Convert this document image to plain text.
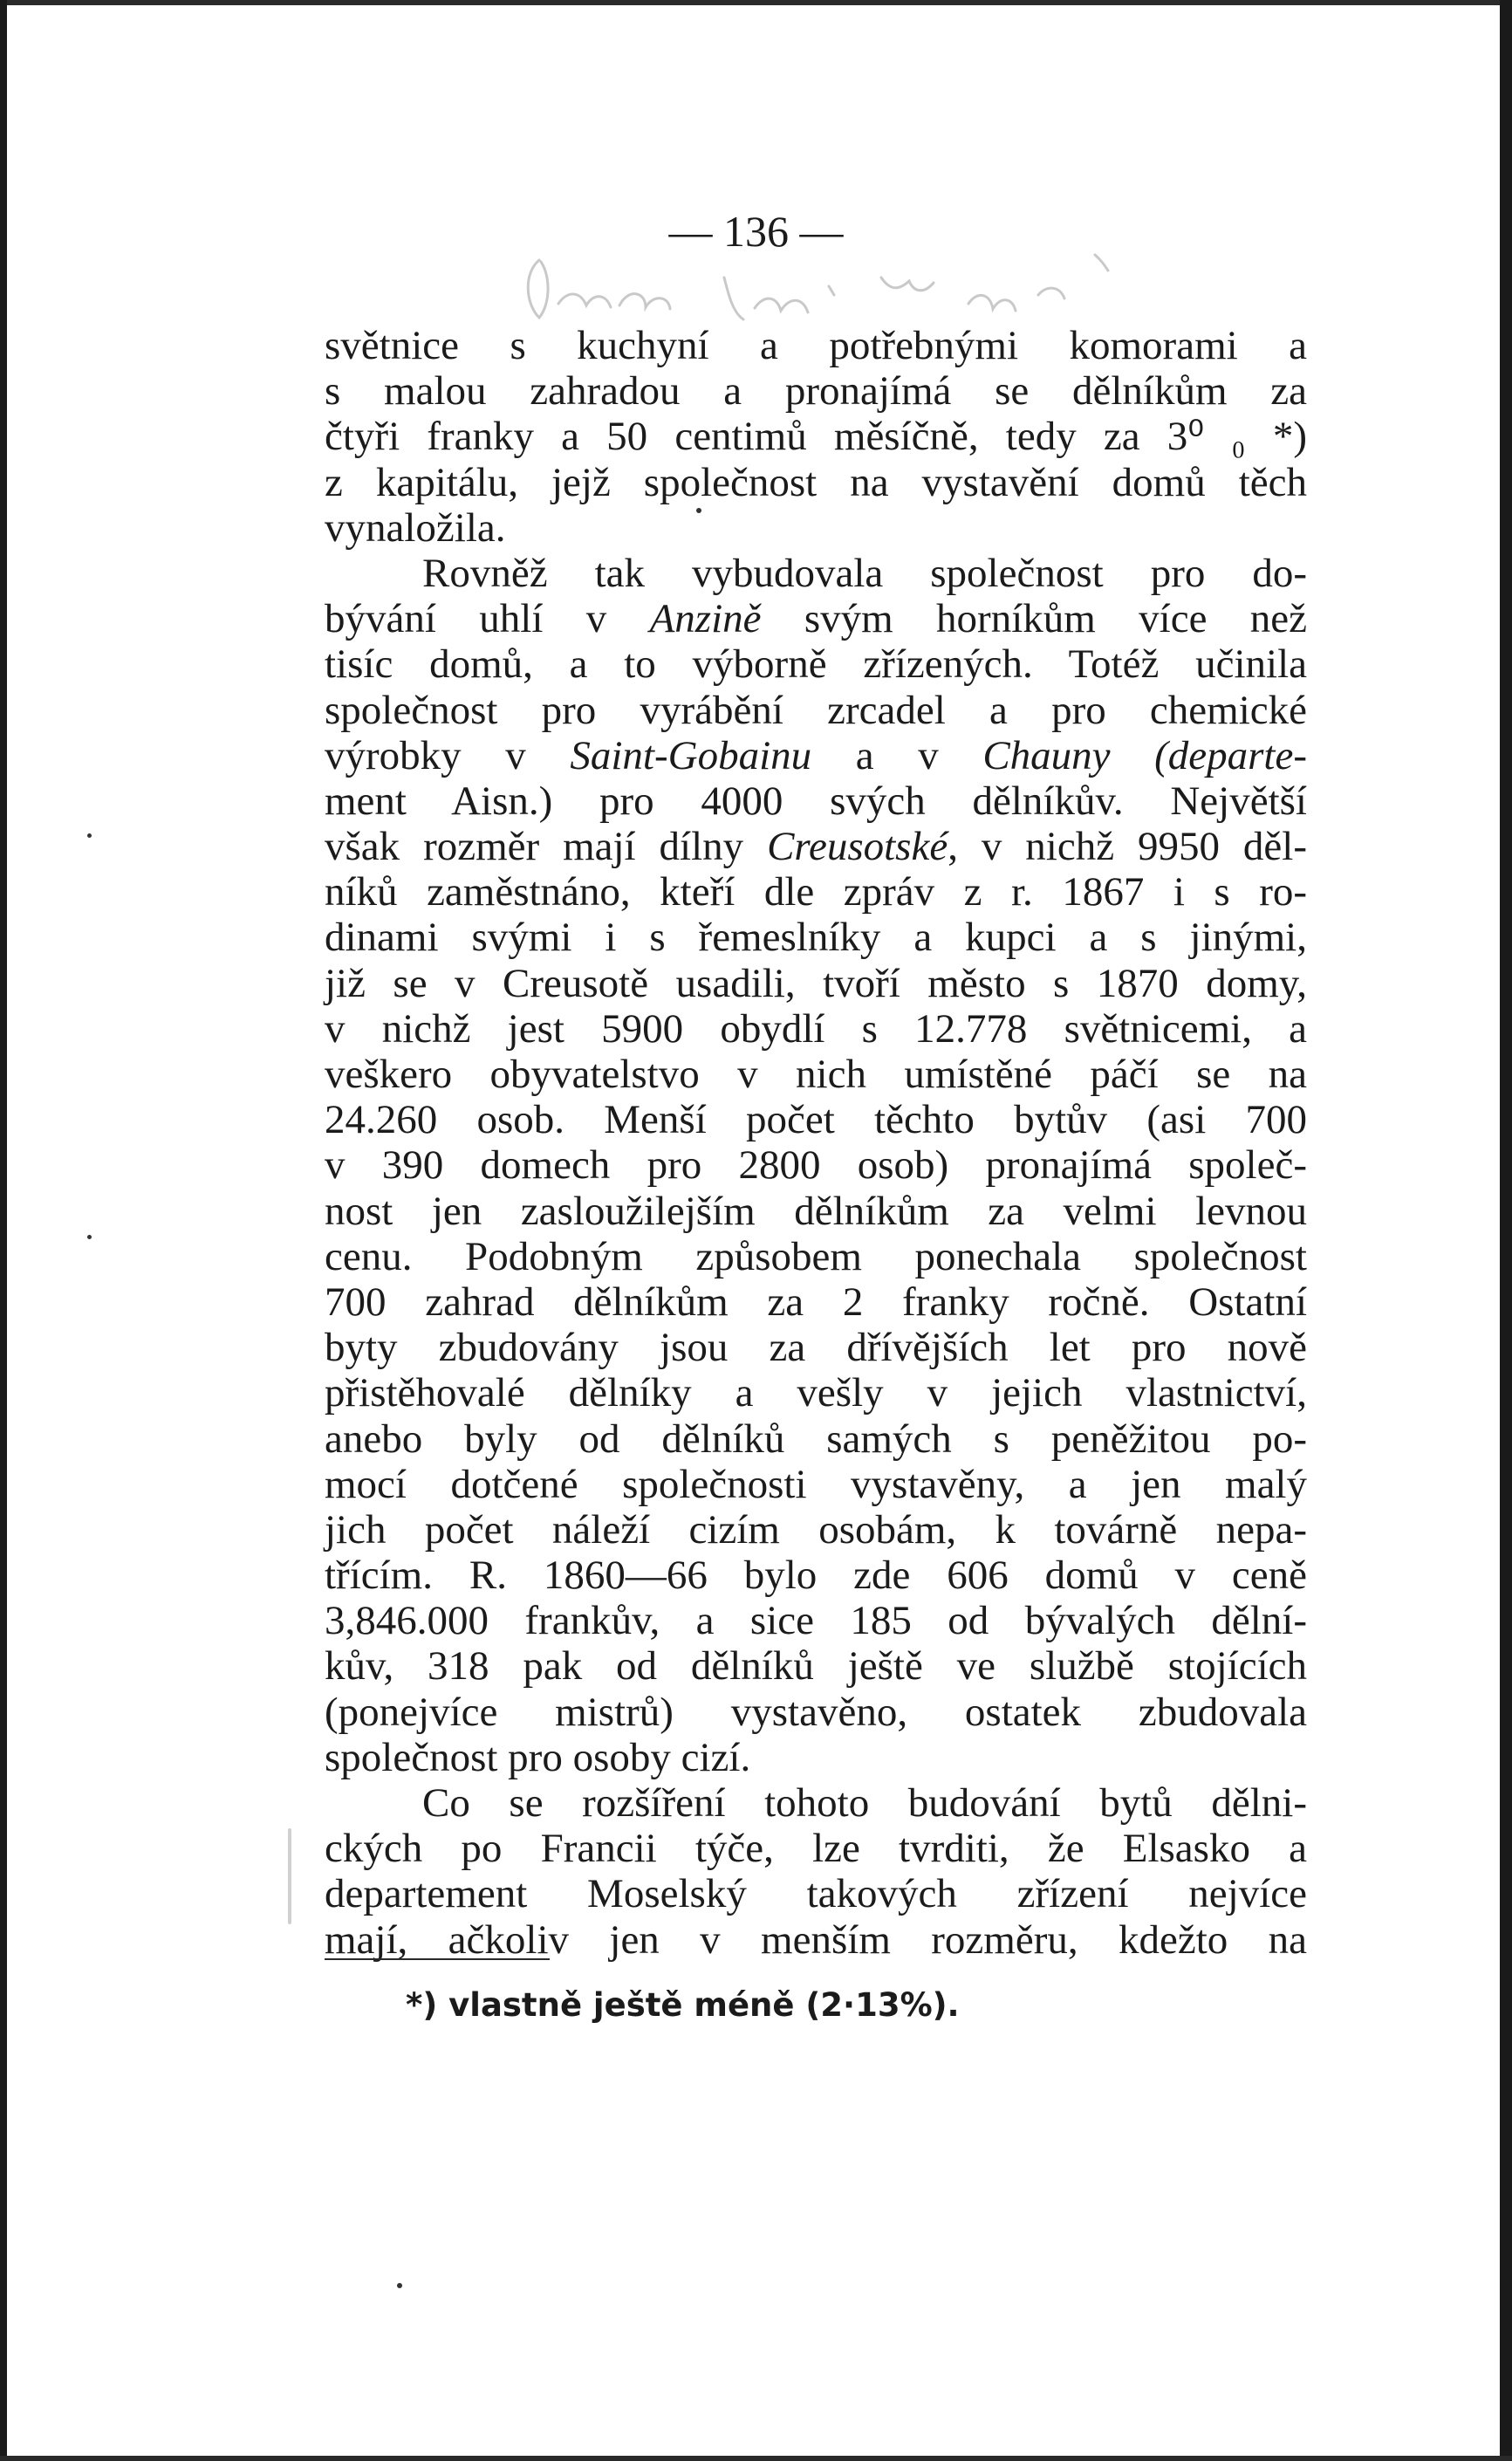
— 136 —
světnice s kuchyní a potřebnými komorami a
s malou zahradou a pronajímá se dělníkům za
čtyři franky a 50 centimů měsíčně, tedy za 3⁰ ₀ *)
z kapitálu, jejž společnost na vystavění domů těch
vynaložila.
Rovněž tak vybudovala společnost pro do-
bývání uhlí v Anzině svým horníkům více než
tisíc domů, a to výborně zřízených. Totéž učinila
společnost pro vyrábění zrcadel a pro chemické
výrobky v Saint-Gobainu a v Chauny (departe-
ment Aisn.) pro 4000 svých dělníkův. Největší
však rozměr mají dílny Creusotské, v nichž 9950 děl-
níků zaměstnáno, kteří dle zpráv z r. 1867 i s ro-
dinami svými i s řemeslníky a kupci a s jinými,
již se v Creusotě usadili, tvoří město s 1870 domy,
v nichž jest 5900 obydlí s 12.778 světnicemi, a
veškero obyvatelstvo v nich umístěné páčí se na
24.260 osob. Menší počet těchto bytův (asi 700
v 390 domech pro 2800 osob) pronajímá společ-
nost jen zasloužilejším dělníkům za velmi levnou
cenu. Podobným způsobem ponechala společnost
700 zahrad dělníkům za 2 franky ročně. Ostatní
byty zbudovány jsou za dřívějších let pro nově
přistěhovalé dělníky a vešly v jejich vlastnictví,
anebo byly od dělníků samých s peněžitou po-
mocí dotčené společnosti vystavěny, a jen malý
jich počet náleží cizím osobám, k továrně nepa-
třícím. R. 1860—66 bylo zde 606 domů v ceně
3,846.000 frankův, a sice 185 od bývalých dělní-
kův, 318 pak od dělníků ještě ve službě stojících
(ponejvíce mistrů) vystavěno, ostatek zbudovala
společnost pro osoby cizí.
Co se rozšíření tohoto budování bytů dělni-
ckých po Francii týče, lze tvrditi, že Elsasko a
departement Moselský takových zřízení nejvíce
mají, ačkoliv jen v menším rozměru, kdežto na
*) vlastně ještě méně (2·13%).
